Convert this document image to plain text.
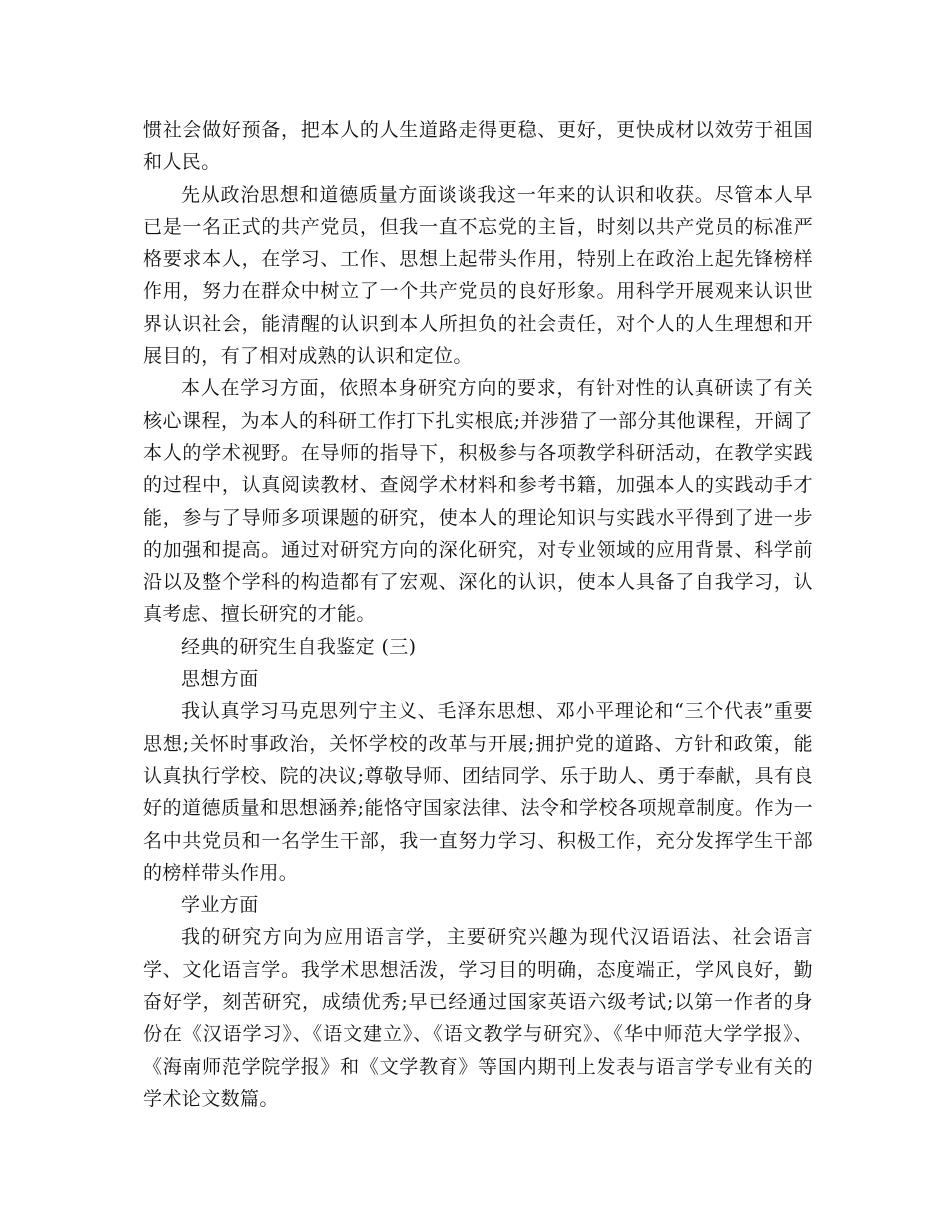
惯社会做好预备，把本人的人生道路走得更稳、更好，更快成材以效劳于祖国和人民。

先从政治思想和道德质量方面谈谈我这一年来的认识和收获。尽管本人早已是一名正式的共产党员，但我一直不忘党的主旨，时刻以共产党员的标准严格要求本人，在学习、工作、思想上起带头作用，特别上在政治上起先锋榜样作用，努力在群众中树立了一个共产党员的良好形象。用科学开展观来认识世界认识社会，能清醒的认识到本人所担负的社会责任，对个人的人生理想和开展目的，有了相对成熟的认识和定位。

本人在学习方面，依照本身研究方向的要求，有针对性的认真研读了有关核心课程，为本人的科研工作打下扎实根底;并涉猎了一部分其他课程，开阔了本人的学术视野。在导师的指导下，积极参与各项教学科研活动，在教学实践的过程中，认真阅读教材、查阅学术材料和参考书籍，加强本人的实践动手才能，参与了导师多项课题的研究，使本人的理论知识与实践水平得到了进一步的加强和提高。通过对研究方向的深化研究，对专业领域的应用背景、科学前沿以及整个学科的构造都有了宏观、深化的认识，使本人具备了自我学习，认真考虑、擅长研究的才能。

经典的研究生自我鉴定 (三)

思想方面

我认真学习马克思列宁主义、毛泽东思想、邓小平理论和“三个代表”重要思想;关怀时事政治，关怀学校的改革与开展;拥护党的道路、方针和政策，能认真执行学校、院的决议;尊敬导师、团结同学、乐于助人、勇于奉献，具有良好的道德质量和思想涵养;能恪守国家法律、法令和学校各项规章制度。作为一名中共党员和一名学生干部，我一直努力学习、积极工作，充分发挥学生干部的榜样带头作用。

学业方面

我的研究方向为应用语言学，主要研究兴趣为现代汉语语法、社会语言学、文化语言学。我学术思想活泼，学习目的明确，态度端正，学风良好，勤奋好学，刻苦研究，成绩优秀;早已经通过国家英语六级考试;以第一作者的身份在《汉语学习》、《语文建立》、《语文教学与研究》、《华中师范大学学报》、《海南师范学院学报》和《文学教育》等国内期刊上发表与语言学专业有关的学术论文数篇。
